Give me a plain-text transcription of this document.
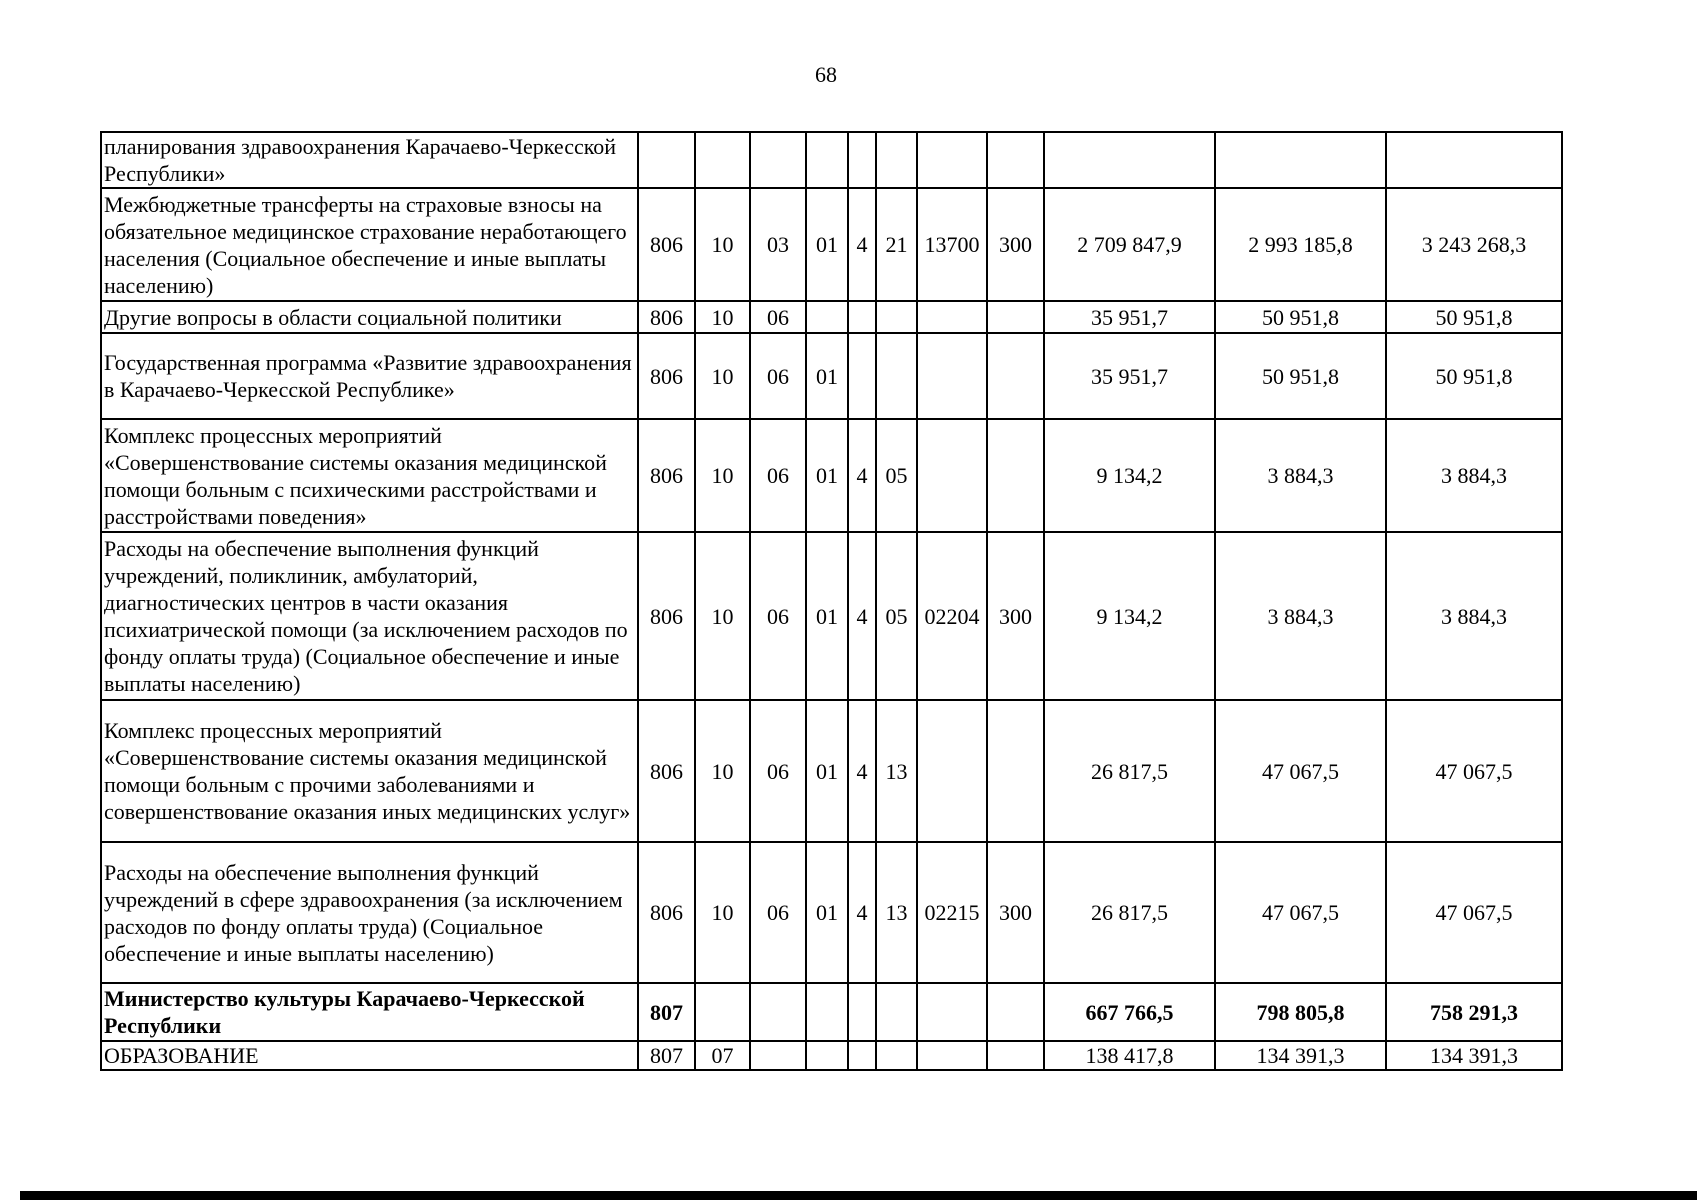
68
планирования здравоохранения Карачаево-Черкесской Республики»											
Межбюджетные трансферты на страховые взносы на обязательное медицинское страхование неработающего населения (Социальное обеспечение и иные выплаты населению)	806	10	03	01	4	21	13700	300	2 709 847,9	2 993 185,8	3 243 268,3
Другие вопросы в области социальной политики	806	10	06						35 951,7	50 951,8	50 951,8
Государственная программа «Развитие здравоохранения в Карачаево-Черкесской Республике»	806	10	06	01					35 951,7	50 951,8	50 951,8
Комплекс процессных мероприятий «Совершенствование системы оказания медицинской помощи больным с психическими расстройствами и расстройствами поведения»	806	10	06	01	4	05			9 134,2	3 884,3	3 884,3
Расходы на обеспечение выполнения функций учреждений, поликлиник, амбулаторий, диагностических центров в части оказания психиатрической помощи (за исключением расходов по фонду оплаты труда) (Социальное обеспечение и иные выплаты населению)	806	10	06	01	4	05	02204	300	9 134,2	3 884,3	3 884,3
Комплекс процессных мероприятий «Совершенствование системы оказания медицинской помощи больным с прочими заболеваниями и совершенствование оказания иных медицинских услуг»	806	10	06	01	4	13			26 817,5	47 067,5	47 067,5
Расходы на обеспечение выполнения функций учреждений в сфере здравоохранения (за исключением расходов по фонду оплаты труда) (Социальное обеспечение и иные выплаты населению)	806	10	06	01	4	13	02215	300	26 817,5	47 067,5	47 067,5
Министерство культуры Карачаево-Черкесской Республики	807								667 766,5	798 805,8	758 291,3
ОБРАЗОВАНИЕ	807	07							138 417,8	134 391,3	134 391,3
